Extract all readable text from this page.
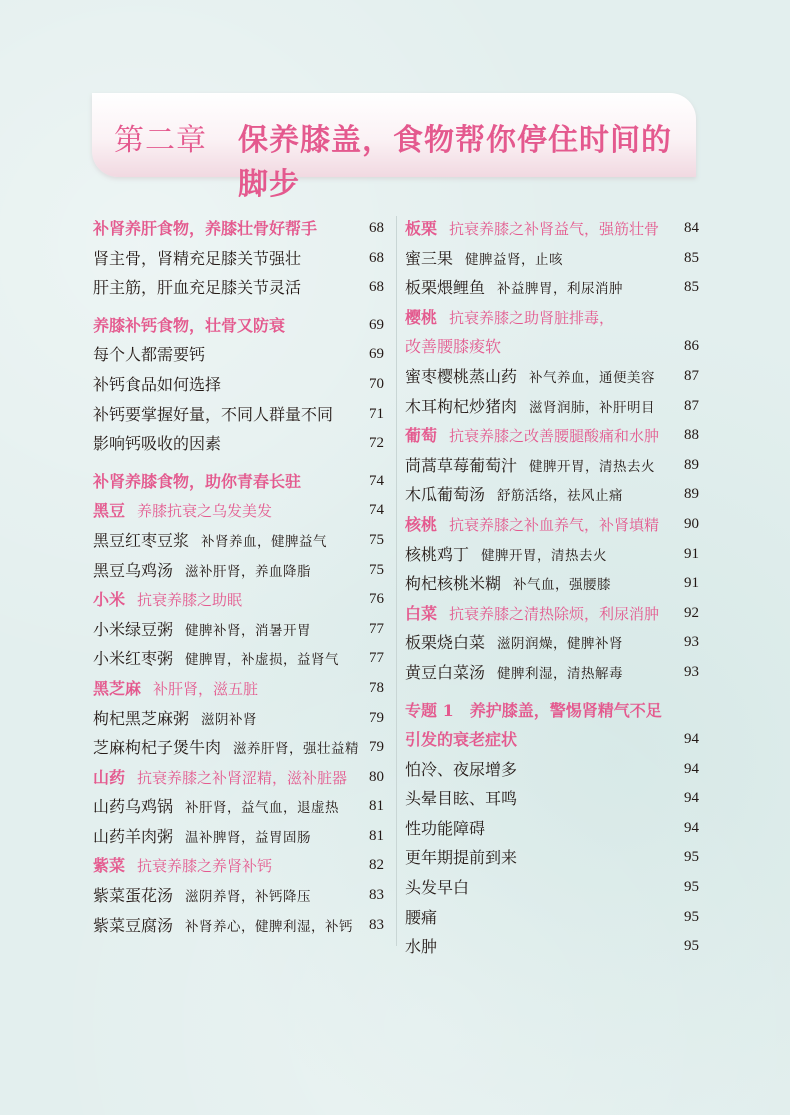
第二章 保养膝盖，食物帮你停住时间的脚步
补肾养肝食物，养膝壮骨好帮手	68
肾主骨，肾精充足膝关节强壮	68
肝主筋，肝血充足膝关节灵活	68
养膝补钙食物，壮骨又防衰	69
每个人都需要钙	69
补钙食品如何选择	70
补钙要掌握好量，不同人群量不同 71
影响钙吸收的因素	72
补肾养膝食物，助你青春长驻	74
黑豆 养膝抗衰之乌发美发	74
黑豆红枣豆浆 补肾养血，健脾益气	75
黑豆乌鸡汤 滋补肝肾，养血降脂	75
小米 抗衰养膝之助眠	76
小米绿豆粥 健脾补肾，消暑开胃	77
小米红枣粥 健脾胃，补虚损，益肾气 77
黑芝麻 补肝肾，滋五脏	78
枸杞黑芝麻粥 滋阴补肾	79
芝麻枸杞子煲牛肉 滋养肝肾，强壮益精 79
山药 抗衰养膝之补肾涩精，滋补脏器 80
山药乌鸡锅 补肝肾，益气血，退虚热 81
山药羊肉粥 温补脾肾，益胃固肠	81
紫菜 抗衰养膝之养肾补钙	82
紫菜蛋花汤 滋阴养肾，补钙降压	83
紫菜豆腐汤 补肾养心，健脾利湿，补钙 83
板栗 抗衰养膝之补肾益气，强筋壮骨 84
蜜三果 健脾益肾，止咳	85
板栗煨鲤鱼 补益脾胃，利尿消肿	85
樱桃 抗衰养膝之助肾脏排毒，
改善腰膝痠软	86
蜜枣樱桃蒸山药 补气养血，通便美容 87
木耳枸杞炒猪肉 滋肾润肺，补肝明目 87
葡萄 抗衰养膝之改善腰腿酸痛和水肿 88
茼蒿草莓葡萄汁 健脾开胃，清热去火 89
木瓜葡萄汤 舒筋活络，祛风止痛	89
核桃 抗衰养膝之补血养气，补肾填精 90
核桃鸡丁 健脾开胃，清热去火	91
枸杞核桃米糊 补气血，强腰膝	91
白菜 抗衰养膝之清热除烦，利尿消肿 92
板栗烧白菜 滋阴润燥，健脾补肾	93
黄豆白菜汤 健脾利湿，清热解毒	93
专题 1　养护膝盖，警惕肾精气不足
引发的衰老症状	94
怕冷、夜尿增多	94
头晕目眩、耳鸣	94
性功能障碍	94
更年期提前到来	95
头发早白	95
腰痛	95
水肿	95
